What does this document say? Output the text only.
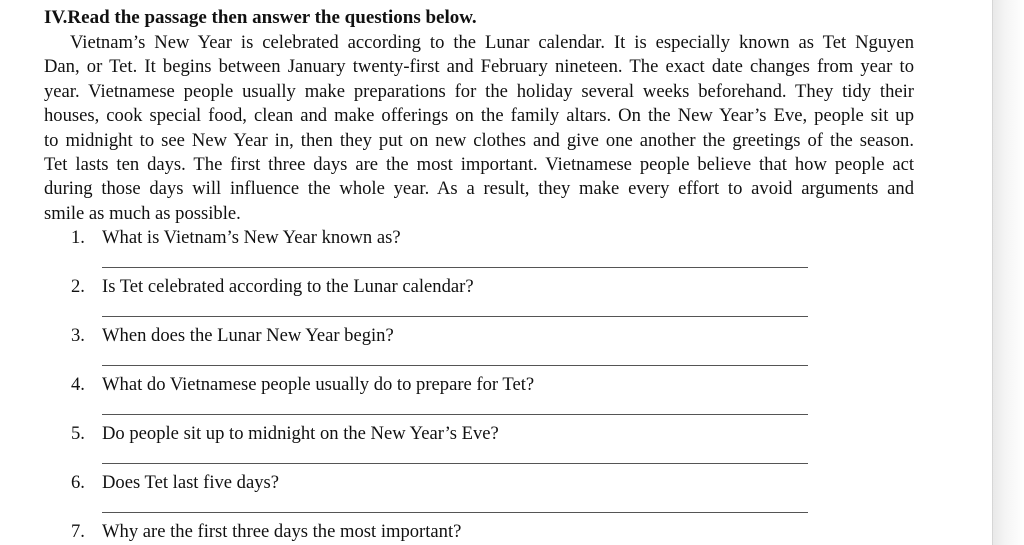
IV.Read the passage then answer the questions below.
Vietnam’s New Year is celebrated according to the Lunar calendar. It is especially known as Tet Nguyen
Dan, or Tet. It begins between January twenty-first and February nineteen. The exact date changes from year to
year. Vietnamese people usually make preparations for the holiday several weeks beforehand. They tidy their
houses, cook special food, clean and make offerings on the family altars. On the New Year’s Eve, people sit up
to midnight to see New Year in, then they put on new clothes and give one another the greetings of the season.
Tet lasts ten days. The first three days are the most important. Vietnamese people believe that how people act
during those days will influence the whole year. As a result, they make every effort to avoid arguments and
smile as much as possible.
1. What is Vietnam’s New Year known as?
2. Is Tet celebrated according to the Lunar calendar?
3. When does the Lunar New Year begin?
4. What do Vietnamese people usually do to prepare for Tet?
5. Do people sit up to midnight on the New Year’s Eve?
6. Does Tet last five days?
7. Why are the first three days the most important?
